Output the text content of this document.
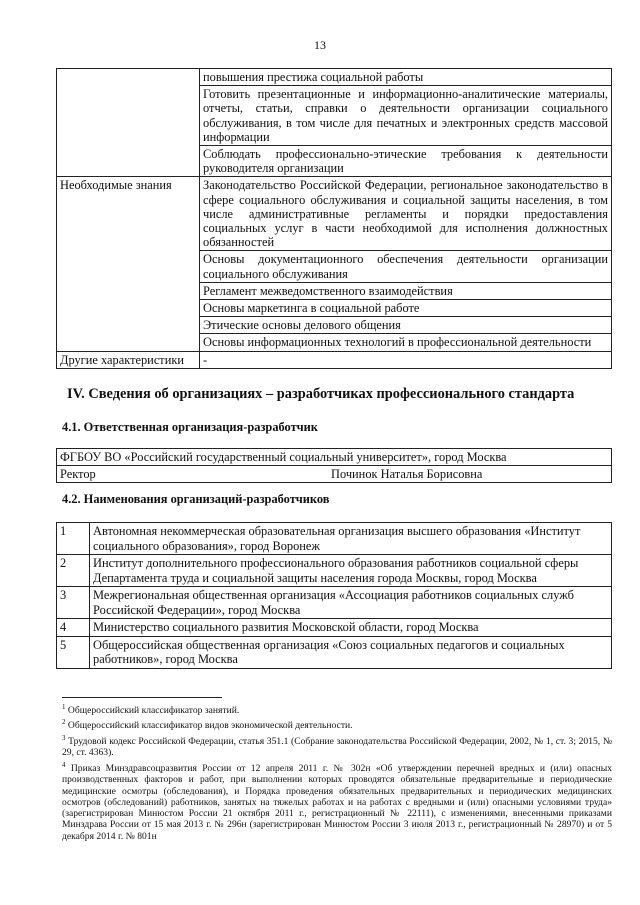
13
	повышения престижа социальной работы
	Готовить презентационные и информационно-аналитические материалы, отчеты, статьи, справки о деятельности организации социального обслуживания, в том числе для печатных и электронных средств массовой информации
	Соблюдать профессионально-этические требования к деятельности руководителя организации
Необходимые знания	Законодательство Российской Федерации, региональное законодательство в сфере социального обслуживания и социальной защиты населения, в том числе административные регламенты и порядки предоставления социальных услуг в части необходимой для исполнения должностных обязанностей
	Основы документационного обеспечения деятельности организации социального обслуживания
	Регламент межведомственного взаимодействия
	Основы маркетинга в социальной работе
	Этические основы делового общения
	Основы информационных технологий в профессиональной деятельности
Другие характеристики	-
IV. Сведения об организациях – разработчиках профессионального стандарта
4.1. Ответственная организация-разработчик
ФГБОУ ВО «Российский государственный социальный университет», город Москва
Ректор	Починок Наталья Борисовна
4.2. Наименования организаций-разработчиков
1	Автономная некоммерческая образовательная организация высшего образования «Институт социального образования», город Воронеж
2	Институт дополнительного профессионального образования работников социальной сферы Департамента труда и социальной защиты населения города Москвы, город Москва
3	Межрегиональная общественная организация «Ассоциация работников социальных служб Российской Федерации», город Москва
4	Министерство социального развития Московской области, город Москва
5	Общероссийская общественная организация «Союз социальных педагогов и социальных работников», город Москва

$^1$ Общероссийский классификатор занятий.

$^2$ Общероссийский классификатор видов экономической деятельности.

$^3$ Трудовой кодекс Российской Федерации, статья 351.1 (Собрание законодательства Российской Федерации, 2002, № 1, ст. 3; 2015, № 29, ст. 4363).

$^4$ Приказ Минздравсоцразвития России от 12 апреля 2011 г. № 302н «Об утверждении перечней вредных и (или) опасных производственных факторов и работ, при выполнении которых проводятся обязательные предварительные и периодические медицинские осмотры (обследования), и Порядка проведения обязательных предварительных и периодических медицинских осмотров (обследований) работников, занятых на тяжелых работах и на работах с вредными и (или) опасными условиями труда» (зарегистрирован Минюстом России 21 октября 2011 г., регистрационный № 22111), с изменениями, внесенными приказами Минздрава России от 15 мая 2013 г. № 296н (зарегистрирован Минюстом России 3 июля 2013 г., регистрационный № 28970) и от 5 декабря 2014 г. № 801н
